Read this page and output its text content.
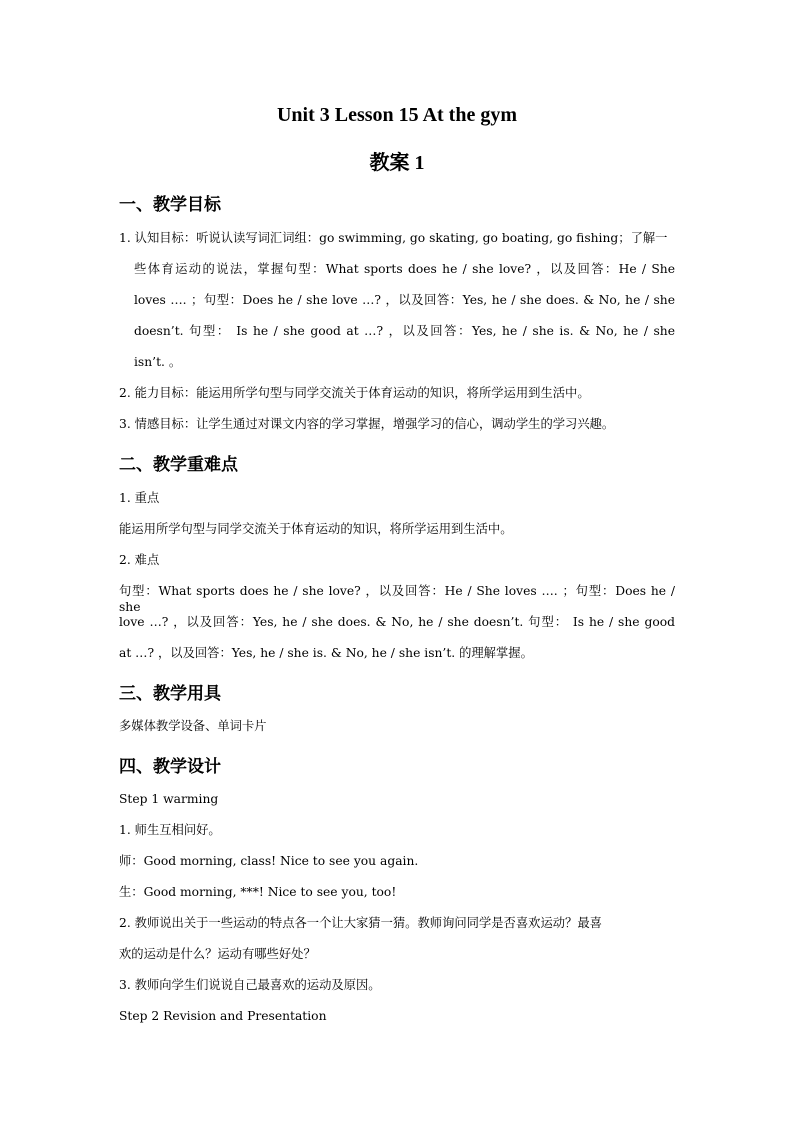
Unit 3 Lesson 15 At the gym
教案 1
一、教学目标
1. 认知目标：听说认读写词汇词组：go swimming, go skating, go boating, go fishing；了解一
些体育运动的说法，掌握句型：What sports does he / she love? ，以及回答：He / She
loves …. ；句型：Does he / she love …? ，以及回答：Yes, he / she does. & No, he / she
doesn’t. 句型： Is he / she good at …? ，以及回答：Yes, he / she is. & No, he / she
isn’t. 。
2. 能力目标：能运用所学句型与同学交流关于体育运动的知识，将所学运用到生活中。
3. 情感目标：让学生通过对课文内容的学习掌握，增强学习的信心，调动学生的学习兴趣。
二、教学重难点
1. 重点
能运用所学句型与同学交流关于体育运动的知识，将所学运用到生活中。
2. 难点
句型：What sports does he / she love? ，以及回答：He / She loves …. ；句型：Does he / she
love …? ，以及回答：Yes, he / she does. & No, he / she doesn’t. 句型： Is he / she good
at …? ，以及回答：Yes, he / she is. & No, he / she isn’t. 的理解掌握。
三、教学用具
多媒体教学设备、单词卡片
四、教学设计
Step 1 warming
1. 师生互相问好。
师：Good morning, class! Nice to see you again.
生：Good morning, ***! Nice to see you, too!
2. 教师说出关于一些运动的特点各一个让大家猜一猜。教师询问同学是否喜欢运动？最喜
欢的运动是什么？运动有哪些好处？
3. 教师向学生们说说自己最喜欢的运动及原因。
Step 2 Revision and Presentation
